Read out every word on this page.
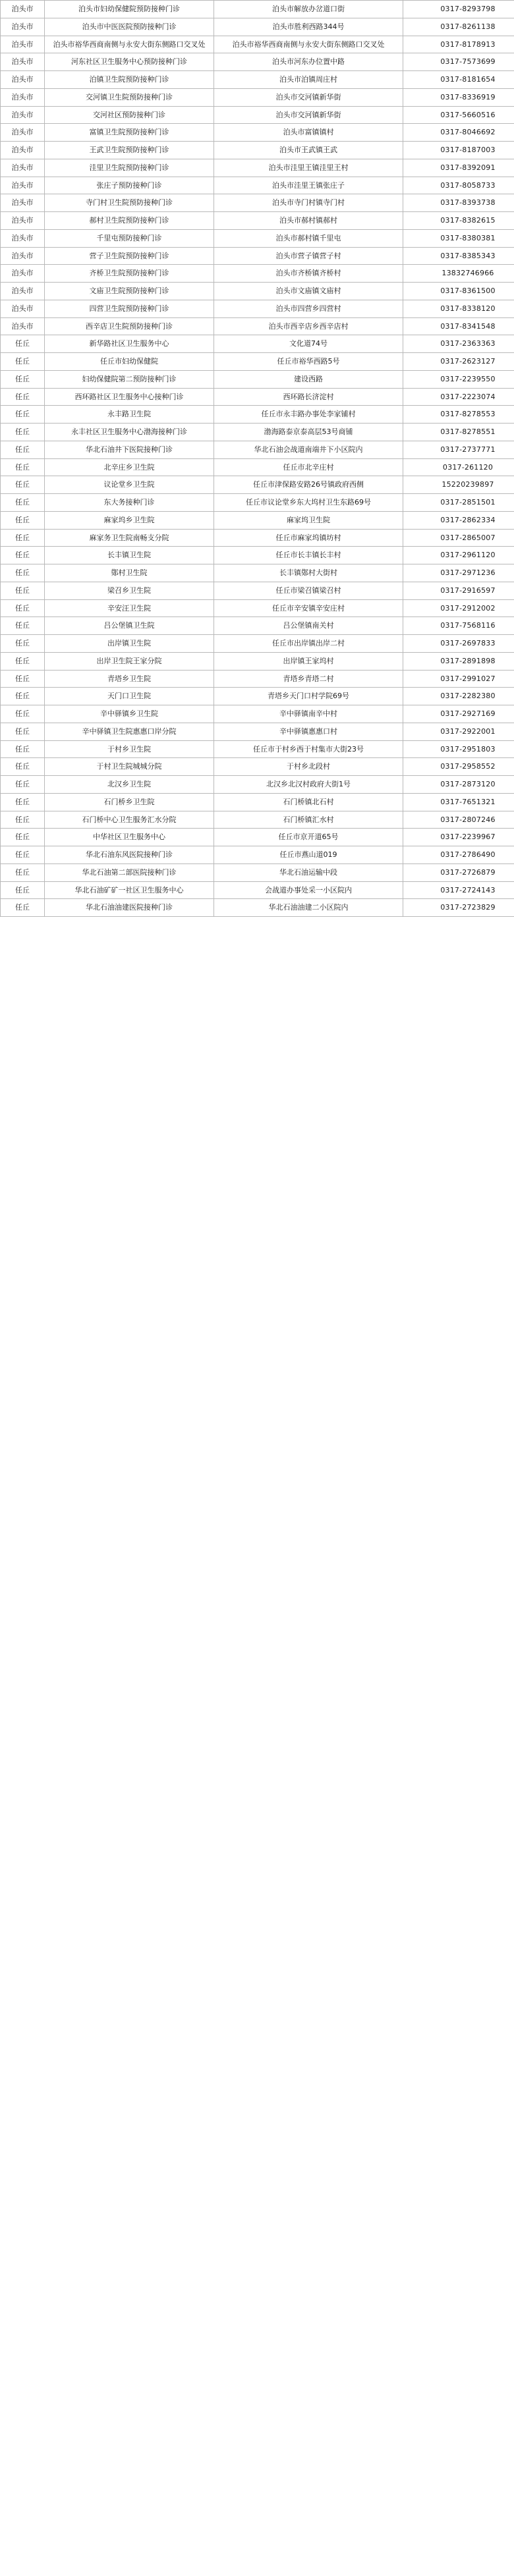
泊头市	泊头市妇幼保健院预防接种门诊	泊头市解放办岔道口街	0317-8293798
泊头市	泊头市中医医院预防接种门诊	泊头市胜利西路344号	0317-8261138
泊头市	泊头市裕华西商南侧与永安大街东侧路口交叉处	泊头市裕华西商南侧与永安大街东侧路口交叉处	0317-8178913
泊头市	河东社区卫生服务中心预防接种门诊	泊头市河东办位置中路	0317-7573699
泊头市	泊镇卫生院预防接种门诊	泊头市泊镇周庄村	0317-8181654
泊头市	交河镇卫生院预防接种门诊	泊头市交河镇新华街	0317-8336919
泊头市	交河社区预防接种门诊	泊头市交河镇新华街	0317-5660516
泊头市	富镇卫生院预防接种门诊	泊头市富镇镇村	0317-8046692
泊头市	王武卫生院预防接种门诊	泊头市王武镇王武	0317-8187003
泊头市	洼里卫生院预防接种门诊	泊头市洼里王镇洼里王村	0317-8392091
泊头市	张庄子预防接种门诊	泊头市洼里王镇张庄子	0317-8058733
泊头市	寺门村卫生院预防接种门诊	泊头市寺门村镇寺门村	0317-8393738
泊头市	郝村卫生院预防接种门诊	泊头市郝村镇郝村	0317-8382615
泊头市	千里屯预防接种门诊	泊头市郝村镇千里屯	0317-8380381
泊头市	营子卫生院预防接种门诊	泊头市营子镇营子村	0317-8385343
泊头市	齐桥卫生院预防接种门诊	泊头市齐桥镇齐桥村	13832746966
泊头市	文庙卫生院预防接种门诊	泊头市文庙镇文庙村	0317-8361500
泊头市	四营卫生院预防接种门诊	泊头市四营乡四营村	0317-8338120
泊头市	西辛店卫生院预防接种门诊	泊头市西辛店乡西辛店村	0317-8341548
任丘	新华路社区卫生服务中心	文化道74号	0317-2363363
任丘	任丘市妇幼保健院	任丘市裕华西路5号	0317-2623127
任丘	妇幼保健院第二预防接种门诊	建设西路	0317-2239550
任丘	西环路社区卫生服务中心接种门诊	西环路长济淀村	0317-2223074
任丘	永丰路卫生院	任丘市永丰路办事处李家铺村	0317-8278553
任丘	永丰社区卫生服务中心渤海接种门诊	渤海路泰京泰高层53号商铺	0317-8278551
任丘	华北石油井下医院接种门诊	华北石油会战道南端井下小区院内	0317-2737771
任丘	北辛庄乡卫生院	任丘市北辛庄村	0317-261120
任丘	议论堂乡卫生院	任丘市津保路安路26号镇政府西侧	15220239897
任丘	东大务接种门诊	任丘市议论堂乡东大坞村卫生东路69号	0317-2851501
任丘	麻家坞乡卫生院	麻家坞卫生院	0317-2862334
任丘	麻家务卫生院南畅支分院	任丘市麻家坞镇坊村	0317-2865007
任丘	长丰镇卫生院	任丘市长丰镇长丰村	0317-2961120
任丘	鄚村卫生院	长丰镇鄚村大街村	0317-2971236
任丘	梁召乡卫生院	任丘市梁召镇梁召村	0317-2916597
任丘	辛安汪卫生院	任丘市辛安镇辛安庄村	0317-2912002
任丘	吕公堡镇卫生院	吕公堡镇南关村	0317-7568116
任丘	出岸镇卫生院	任丘市出岸镇出岸二村	0317-2697833
任丘	出岸卫生院王家分院	出岸镇王家坞村	0317-2891898
任丘	青塔乡卫生院	青塔乡青塔二村	0317-2991027
任丘	天门口卫生院	青塔乡天门口村学院69号	0317-2282380
任丘	辛中驿镇乡卫生院	辛中驿镇南辛中村	0317-2927169
任丘	辛中驿镇卫生院惠惠口岸分院	辛中驿镇惠惠口村	0317-2922001
任丘	于村乡卫生院	任丘市于村乡西于村集市大街23号	0317-2951803
任丘	于村卫生院城城分院	于村乡北段村	0317-2958552
任丘	北汉乡卫生院	北汉乡北汉村政府大街1号	0317-2873120
任丘	石门桥乡卫生院	石门桥镇北石村	0317-7651321
任丘	石门桥中心卫生服务汇水分院	石门桥镇汇水村	0317-2807246
任丘	中华社区卫生服务中心	任丘市京开道65号	0317-2239967
任丘	华北石油东风医院接种门诊	任丘市燕山道019	0317-2786490
任丘	华北石油第二部医院接种门诊	华北石油运输中段	0317-2726879
任丘	华北石油矿矿一社区卫生服务中心	会战道办事处采一小区院内	0317-2724143
任丘	华北石油油建医院接种门诊	华北石油油建二小区院内	0317-2723829
